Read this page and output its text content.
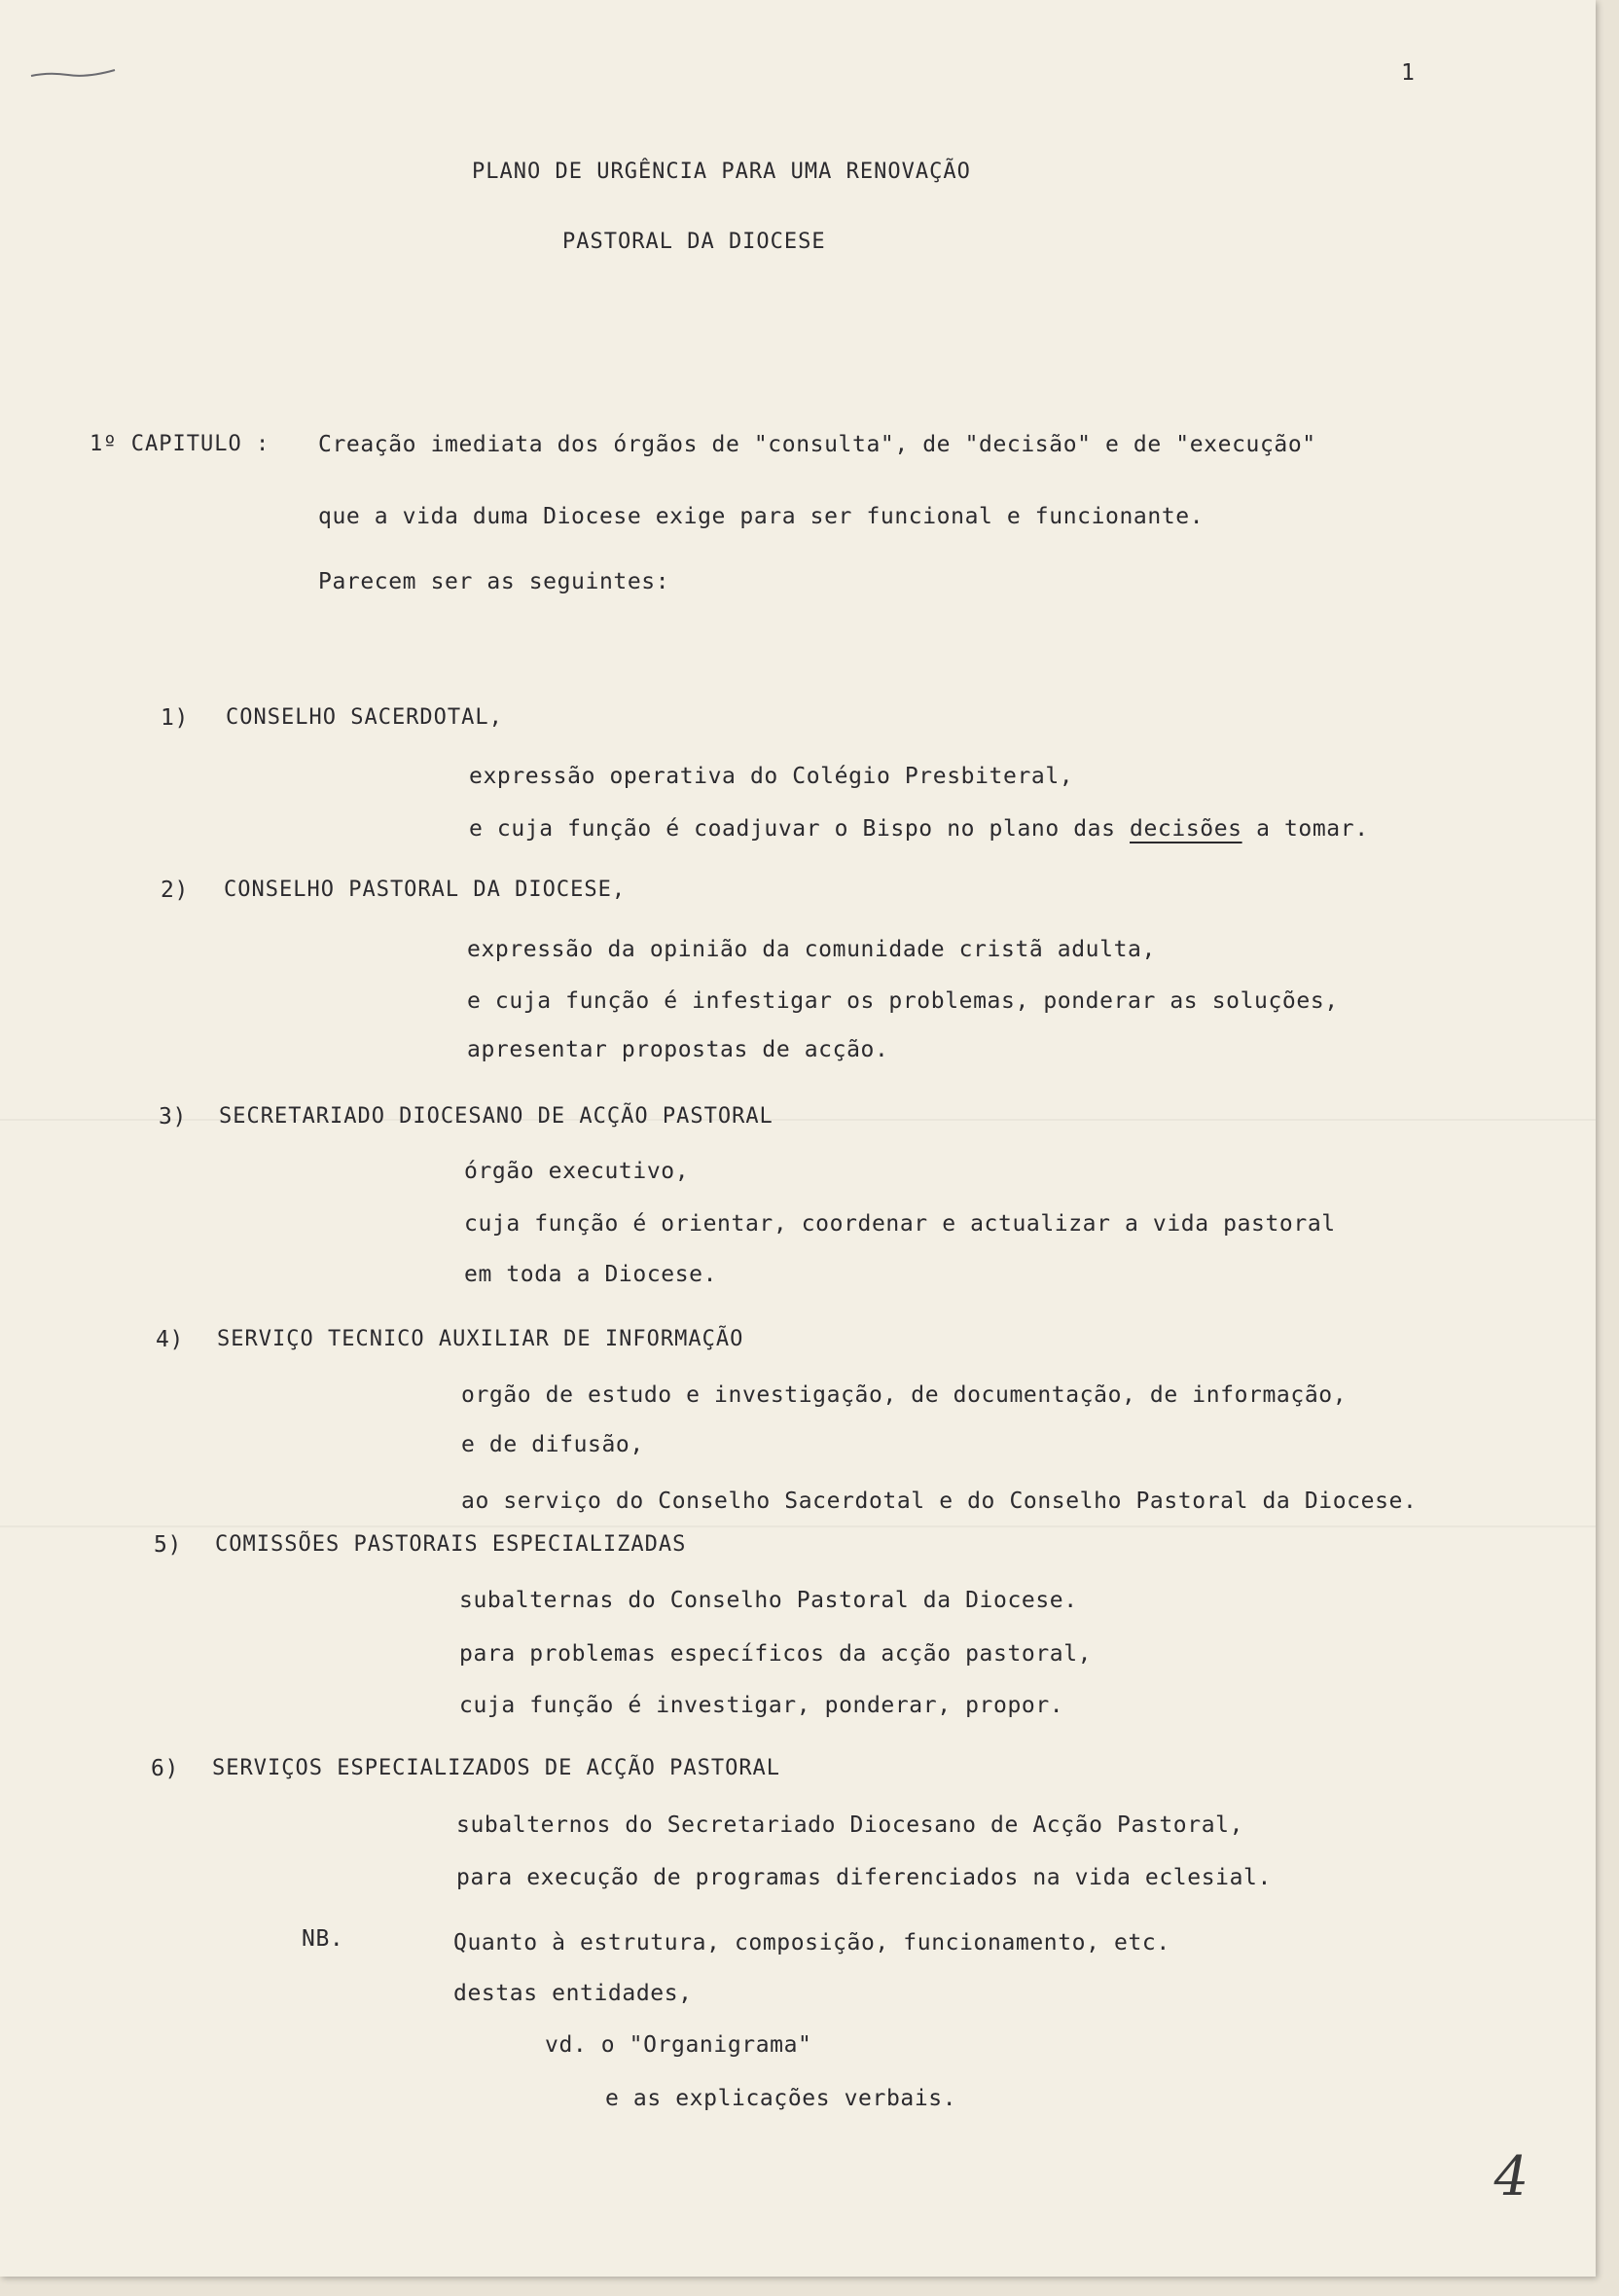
1
PLANO DE URGÊNCIA PARA UMA RENOVAÇÃO
PASTORAL DA DIOCESE
1º CAPITULO : Creação imediata dos órgãos de "consulta", de "decisão" e de "execução"
que a vida duma Diocese exige para ser funcional e funcionante.
Parecem ser as seguintes:
1) CONSELHO SACERDOTAL,
expressão operativa do Colégio Presbiteral,
e cuja função é coadjuvar o Bispo no plano das decisões a tomar.
2) CONSELHO PASTORAL DA DIOCESE,
expressão da opinião da comunidade cristã adulta,
e cuja função é infestigar os problemas, ponderar as soluções,
apresentar propostas de acção.
3) SECRETARIADO DIOCESANO DE ACÇÃO PASTORAL
órgão executivo,
cuja função é orientar, coordenar e actualizar a vida pastoral
em toda a Diocese.
4) SERVIÇO TECNICO AUXILIAR DE INFORMAÇÃO
orgão de estudo e investigação, de documentação, de informação,
e de difusão,
ao serviço do Conselho Sacerdotal e do Conselho Pastoral da Diocese.
5) COMISSÕES PASTORAIS ESPECIALIZADAS
subalternas do Conselho Pastoral da Diocese.
para problemas específicos da acção pastoral,
cuja função é investigar, ponderar, propor.
6) SERVIÇOS ESPECIALIZADOS DE ACÇÃO PASTORAL
subalternos do Secretariado Diocesano de Acção Pastoral,
para execução de programas diferenciados na vida eclesial.
NB.	Quanto à estrutura, composição, funcionamento, etc.
destas entidades,
vd. o "Organigrama"
e as explicações verbais.
4
